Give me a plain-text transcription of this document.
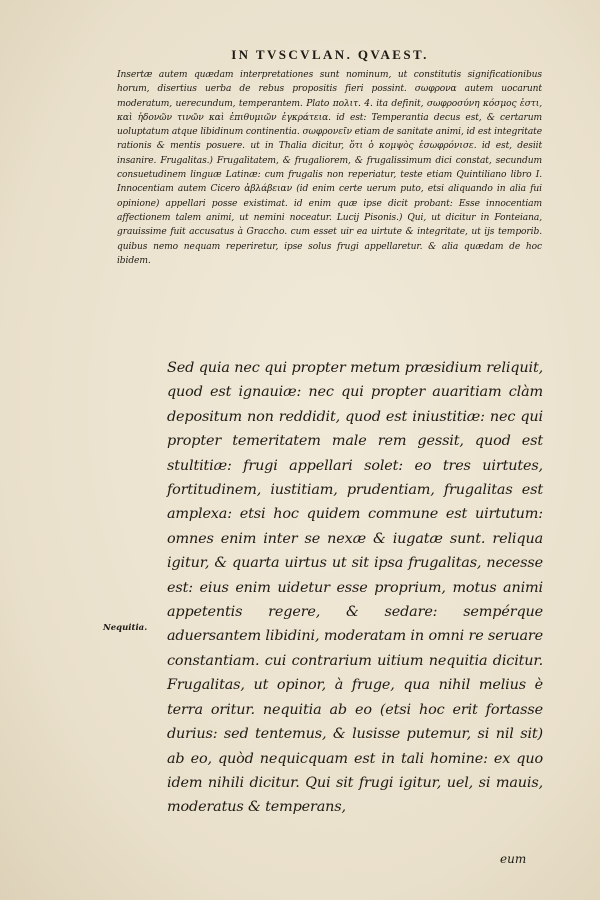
IN TVSCVLAN. QVAEST.
Insertæ autem quædam interpretationes sunt nominum, ut constitutis significationibus horum, disertius uerba de rebus propositis fieri possint. σωφρονα autem uocarunt moderatum, uerecundum, temperantem. Plato πολιτ. 4. ita definit, σωφροσύνη κόσμος ἐστι, καὶ ἡδονῶν τινῶν καὶ ἐπιθυμιῶν ἐγκράτεια. id est: Temperantia decus est, & certarum uoluptatum atque libidinum continentia. σωφρονεῖν etiam de sanitate animi, id est integritate rationis & mentis posuere. ut in Thalia dicitur, ὅτι ὁ κομψὸς ἐσωφρόνισε. id est, desiit insanire. Frugalitas.) Frugalitatem, & frugaliorem, & frugalissimum dici constat, secundum consuetudinem linguæ Latinæ: cum frugalis non reperiatur, teste etiam Quintiliano libro I. Innocentiam autem Cicero ἀβλάβειαν (id enim certe uerum puto, etsi aliquando in alia fui opinione) appellari posse existimat. id enim quæ ipse dicit probant: Esse innocentiam affectionem talem animi, ut nemini noceatur. Lucij Pisonis.) Qui, ut dicitur in Fonteiana, grauissime fuit accusatus à Graccho. cum esset uir ea uirtute & integritate, ut ijs temporib. quibus nemo nequam reperiretur, ipse solus frugi appellaretur. & alia quædam de hoc ibidem.
Sed quia nec qui propter metum præsidium reliquit, quod est ignauiæ: nec qui propter auaritiam clàm depositum non reddidit, quod est iniustitiæ: nec qui propter temeritatem male rem gessit, quod est stultitiæ: frugi appellari solet: eo tres uirtutes, fortitudinem, iustitiam, prudentiam, frugalitas est amplexa: etsi hoc quidem commune est uirtutum: omnes enim inter se nexæ & iugatæ sunt. reliqua igitur, & quarta uirtus ut sit ipsa frugalitas, necesse est: eius enim uidetur esse proprium, motus animi appetentis regere, & sedare: sempérque aduersantem libidini, moderatam in omni re seruare constantiam. cui contrarium uitium nequitia dicitur. Frugalitas, ut opinor, à fruge, qua nihil melius è terra oritur. nequitia ab eo (etsi hoc erit fortasse durius: sed tentemus, & lusisse putemur, si nil sit) ab eo, quòd nequicquam est in tali homine: ex quo idem nihili dicitur. Qui sit frugi igitur, uel, si mauis, moderatus & temperans,
Nequitia.
eum
